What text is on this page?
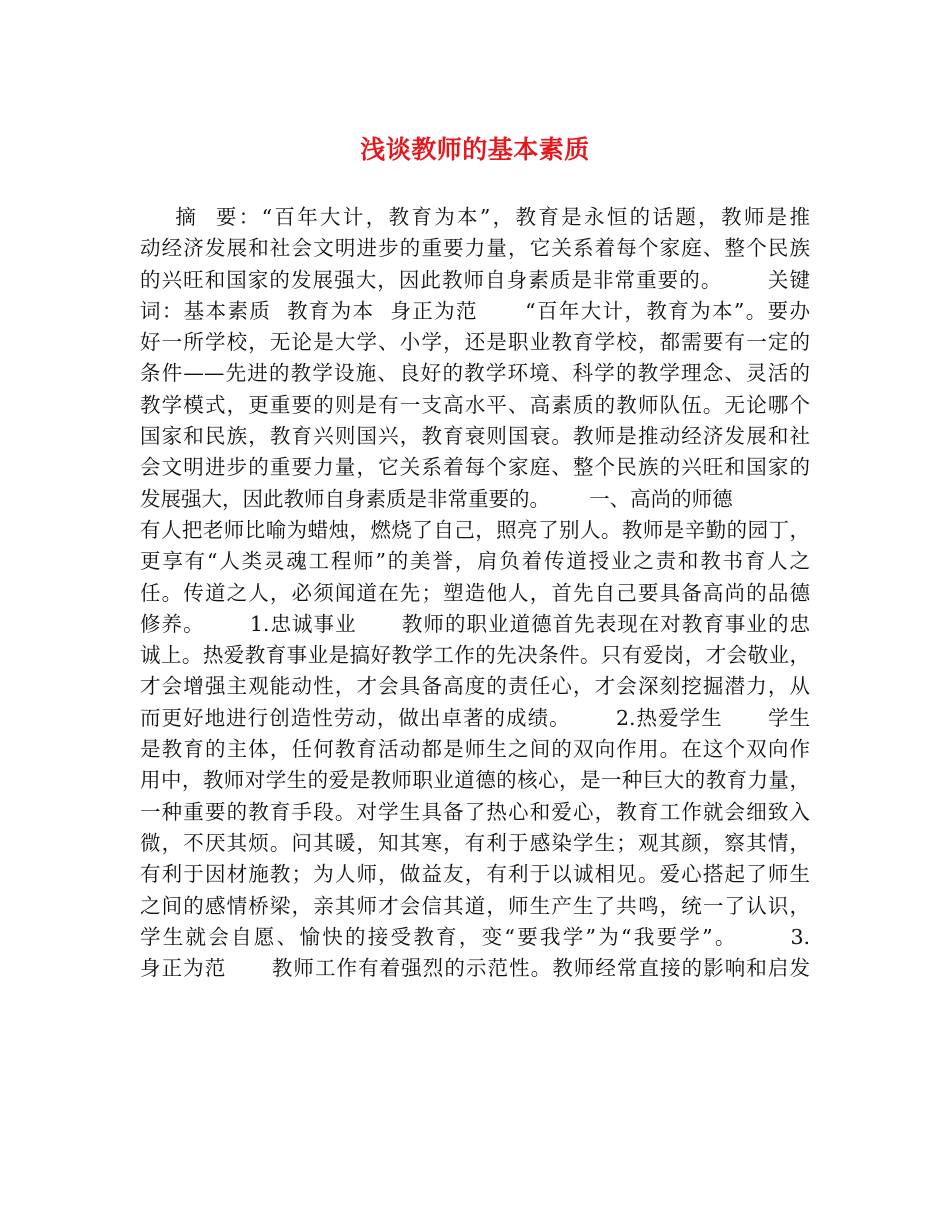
浅谈教师的基本素质
摘  要：“百年大计，教育为本”，教育是永恒的话题，教师是推
动经济发展和社会文明进步的重要力量，它关系着每个家庭、整个民族
的兴旺和国家的发展强大，因此教师自身素质是非常重要的。      关键
词：基本素质  教育为本  身正为范      “百年大计，教育为本”。要办
好一所学校，无论是大学、小学，还是职业教育学校，都需要有一定的
条件——先进的教学设施、良好的教学环境、科学的教学理念、灵活的
教学模式，更重要的则是有一支高水平、高素质的教师队伍。无论哪个
国家和民族，教育兴则国兴，教育衰则国衰。教师是推动经济发展和社
会文明进步的重要力量，它关系着每个家庭、整个民族的兴旺和国家的
发展强大，因此教师自身素质是非常重要的。      一、高尚的师德
有人把老师比喻为蜡烛，燃烧了自己，照亮了别人。教师是辛勤的园丁，
更享有“人类灵魂工程师”的美誉，肩负着传道授业之责和教书育人之
任。传道之人，必须闻道在先；塑造他人，首先自己要具备高尚的品德
修养。      1.忠诚事业      教师的职业道德首先表现在对教育事业的忠
诚上。热爱教育事业是搞好教学工作的先决条件。只有爱岗，才会敬业，
才会增强主观能动性，才会具备高度的责任心，才会深刻挖掘潜力，从
而更好地进行创造性劳动，做出卓著的成绩。      2.热爱学生      学生
是教育的主体，任何教育活动都是师生之间的双向作用。在这个双向作
用中，教师对学生的爱是教师职业道德的核心，是一种巨大的教育力量，
一种重要的教育手段。对学生具备了热心和爱心，教育工作就会细致入
微，不厌其烦。问其暖，知其寒，有利于感染学生；观其颜，察其情，
有利于因材施教；为人师，做益友，有利于以诚相见。爱心搭起了师生
之间的感情桥梁，亲其师才会信其道，师生产生了共鸣，统一了认识，
学生就会自愿、愉快的接受教育，变“要我学”为“我要学”。      3.
身正为范      教师工作有着强烈的示范性。教师经常直接的影响和启发
